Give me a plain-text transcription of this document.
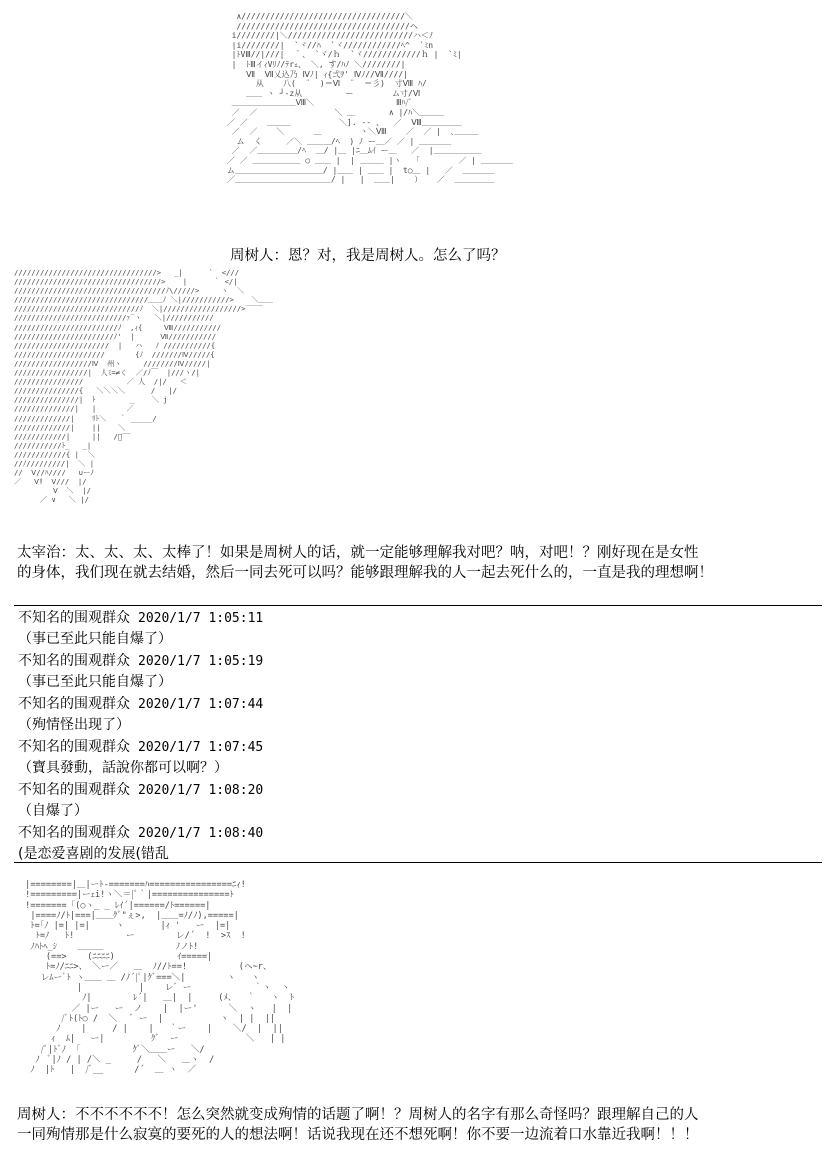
∧//////////////////////////////////＼
////////////////////////////////////ヘ
i////////|＼//////////////////////////ハ＜ﾉ
|i////////|  `ヾ//ﾊ  `ヾ////////////ﾍ^  `ﾐn
|ﾄVⅢ//|///|  ｀、 `ヾ/ｈ  `ヾ////////////ｈ |  `ﾐ|
|  ﾄⅢイｨVﾘﾉ/ﾃrｪ、 ＼, す/ﾊﾉ ＼////////|
Ⅶ  Ⅶ乂込乃 Ⅳﾉ| ｨ{弍ｦ' Ⅳﾉ//Ⅶ////|
从    八(  ¨  )＝Ⅵ  ¨  ＝彡)  寸Ⅷ ﾊ/
＿＿ ヽ ┘-z从         ー        ム寸/Ⅵ
＿＿＿＿＿＿＿＿Ⅷ＼                 Ⅲﾊ/ﾟ
／  ／                ＼ ＿       ∧ |/ﾊ＼＿＿＿
／ ／    ＿＿＿          ＼]. -- 、  ／  Ⅷ＿＿＿＿＿
／  ／    ＼      ＿        ヽ＼Ⅷ    ／  ／ |  ､＿＿＿
ム  く     ／＼ ＿＿＿/ﾍ  ) ﾉ ー＿／ ／ | ＿＿＿＿
／  ／＿＿＿＿＿/ﾍ  ＿/ |＿ |ﾆ＿ﾑｲ ー＿   ／  |＿＿＿＿＿＿
／ ／ ＿＿＿＿＿＿ ○ ＿＿ |  | ＿＿＿ |ヽ   ｢        ／ | ＿＿＿＿
ム＿＿＿＿＿＿＿＿＿＿＿/ |＿＿ | ＿＿ |  t○＿ |   ／  ＿＿＿＿
／＿＿＿＿＿＿＿＿＿＿＿＿/ |   |  ＿＿|    ）   ／  ＿＿＿＿＿

周树人：恩？对，我是周树人。怎么了吗？

/////////////////////////////////>   _|      `  <///
//////////////////////////////////>    |      ｀ </|
///////////////////////////////////ﾉ\/////>     ヽ  ＼
///////////////////////////////＿＿ﾉ ＼|///////////>    ＼＿＿
/////////////////////////////ﾉ  ＼|//////////////////>‾‾‾‾
//////////////////////////ｧ‾ヽ   ＼|///////////
////////////////////////ﾉ  ,ｨ{     Ⅷ///////////
///////////////////////ﾉ'  |      Ⅶ///////////
//////////////////////  |   ハ   ﾉ ///////////{
/////////////////////       {ﾉ  ///////Ⅳ/////{
//////////////////Ⅳ  州ヽ     ////////Ⅳ/////|
/////////////////|  人ﾐ=≠く  ／/ﾉ￣  |///ヽ/|
////////////////          ／ 人  /|/   ＜
///////////////{   ＼＼＼＼      /   |/
///////////////|  ﾄ        _    ＼ j
//////////////|   |       ／
/////////////|    ﾘﾄ＼   ｀ _____/
/////////////|    ||    ＼
////////////|     ||   /ﾞ‾‾
///////////ﾄ_   _|
////////////{ |  ＼
//ﾉ/////////|  ＼ |
//  Ⅴ//ﾊ////   ∪ーﾉ
／   Ⅴﾘ  Ⅴ///  |/
Ⅴ  ＼  |/
／ ∨   ＼ |/
太宰治：太、太、太、太棒了！如果是周树人的话，就一定能够理解我对吧？呐，对吧！？刚好现在是女性
的身体，我们现在就去结婚，然后一同去死可以吗？能够跟理解我的人一起去死什么的，一直是我的理想啊！
不知名的围观群众 2020/1/7 1:05:11
（事已至此只能自爆了）
不知名的围观群众 2020/1/7 1:05:19
（事已至此只能自爆了）
不知名的围观群众 2020/1/7 1:07:44
（殉情怪出现了）
不知名的围观群众 2020/1/7 1:07:45
（寶具發動，話說你都可以啊？）
不知名的围观群众 2020/1/7 1:08:20
（自爆了）
不知名的围观群众 2020/1/7 1:08:40
(是恋爱喜剧的发展(错乱
|========|＿|ーﾄ-=======ﾊ================ﾆｨ!
!=========|ーｪi!ヽ＼＝|ﾟ｀|===============ﾄ
!=======「(○ヽ_ _ ﾚｲ´|======/ﾄ======|
|====ﾉ/ﾄ|===|＿＿ｸﾞ"ぇ>,  |＿＿=ﾉ/ﾉ),=====|
ﾄ=｢ﾉ |=| |=|     ヽ       |ｨ '   ー  |=|
ﾄ=ﾉ   ﾄ!          ー        レ/´  !  >ｽ  !
ﾉﾊﾄﾍ_ｼ    ＿＿＿              ﾉノﾄ!
(==>    (ﾆﾆﾆﾆ)            ｲ=====|
ﾄ=ﾉ/ﾆﾆ>、 ＼ー／   ＿  ﾉ//ﾄ==!          (ヘ~r、
レﾑーﾞﾄ ヽ＿＿ ＿ /ﾉ´|ﾟ|ｸﾞ===＼|        ヽ   ヽ
|           |    レﾞ ー            ｀ヽ  ヽ
ﾉ|        ﾚ´|   ＿|  |     (ﾒ、  ｀   ヽ  ﾄ
／ |ー   ー  ノ    |  |ー'      ＼  ヽ   |  |
/ﾞﾄ(ﾄ○ /  ＼   ﾞ ー  |           ヽ  | |  ||
ﾉ    |     / |    |   ｀ー    |    ＼/  |  ||
ｨ  ﾑ|   ー|         ｸﾞ  ー             ＼   | |
/ﾟ|ﾄﾞﾉ  ｢          ｸﾞ＼＿＿ー   ＼/
ﾉ  ﾞ|ﾉ / | /＼ _     /   ＼   ＿ヽ  /
ﾉ  |ﾄ   |  /ﾞ__      /´  ＿ ヽ  ／
周树人：不不不不不不！怎么突然就变成殉情的话题了啊！？周树人的名字有那么奇怪吗？跟理解自己的人
一同殉情那是什么寂寞的要死的人的想法啊！话说我现在还不想死啊！你不要一边流着口水靠近我啊！！！
